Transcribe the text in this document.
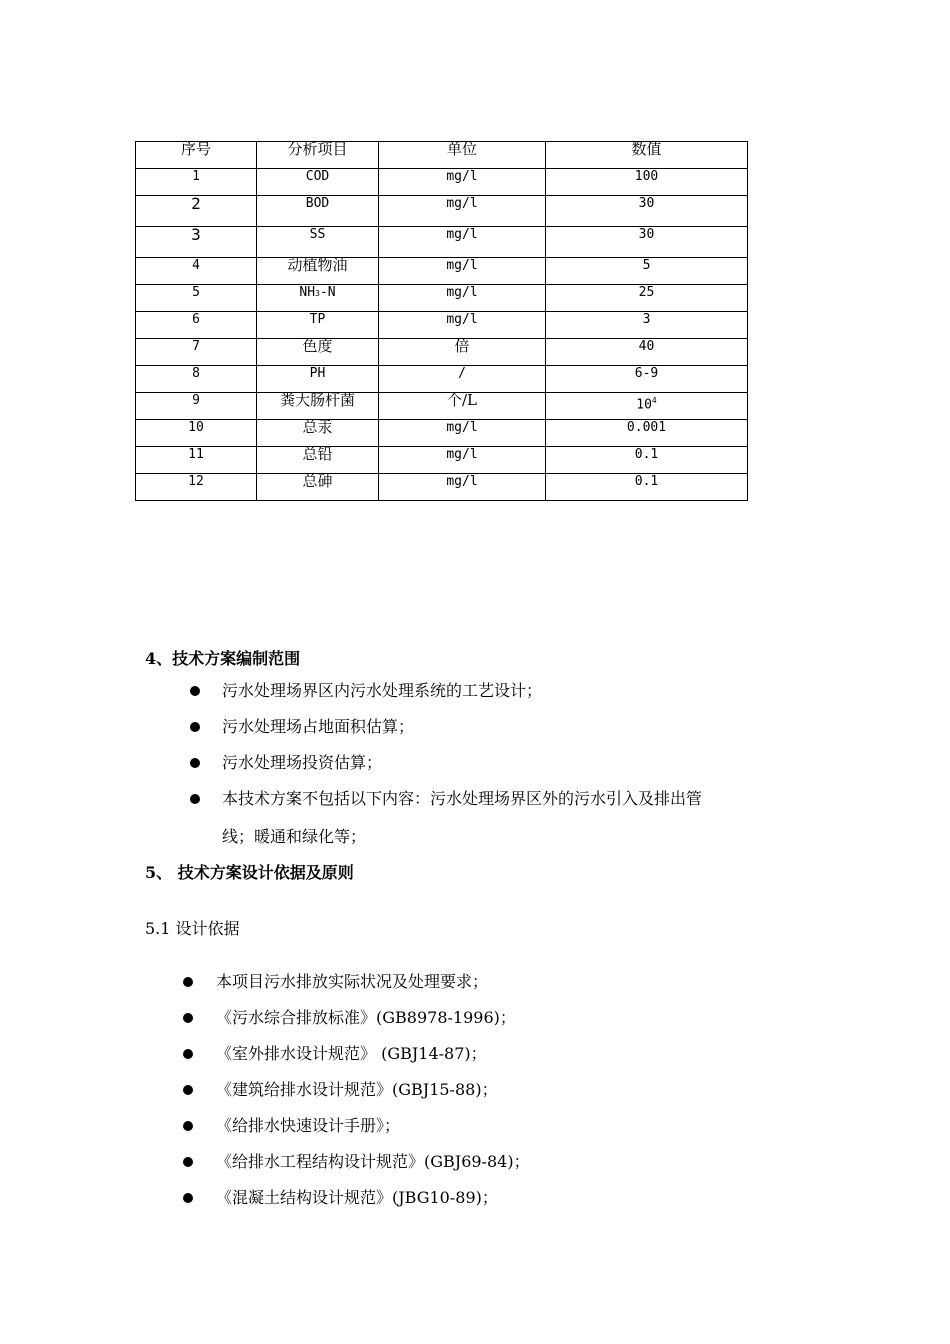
序号	分析项目	单位	数值
1	COD	mg/l	100
2	BOD	mg/l	30
3	SS	mg/l	30
4	动植物油	mg/l	5
5	NH3-N	mg/l	25
6	TP	mg/l	3
7	色度	倍	40
8	PH	/	6-9
9	粪大肠杆菌	个/L	$10^4$
10	总汞	mg/l	0.001
11	总铅	mg/l	0.1
12	总砷	mg/l	0.1
4、技术方案编制范围
污水处理场界区内污水处理系统的工艺设计；
污水处理场占地面积估算；
污水处理场投资估算；
本技术方案不包括以下内容：污水处理场界区外的污水引入及排出管
线；暖通和绿化等；
5、 技术方案设计依据及原则
5.1 设计依据
本项目污水排放实际状况及处理要求；
《污水综合排放标准》(GB8978-1996)；
《室外排水设计规范》 (GBJ14-87)；
《建筑给排水设计规范》(GBJ15-88)；
《给排水快速设计手册》；
《给排水工程结构设计规范》(GBJ69-84)；
《混凝土结构设计规范》(JBG10-89)；
